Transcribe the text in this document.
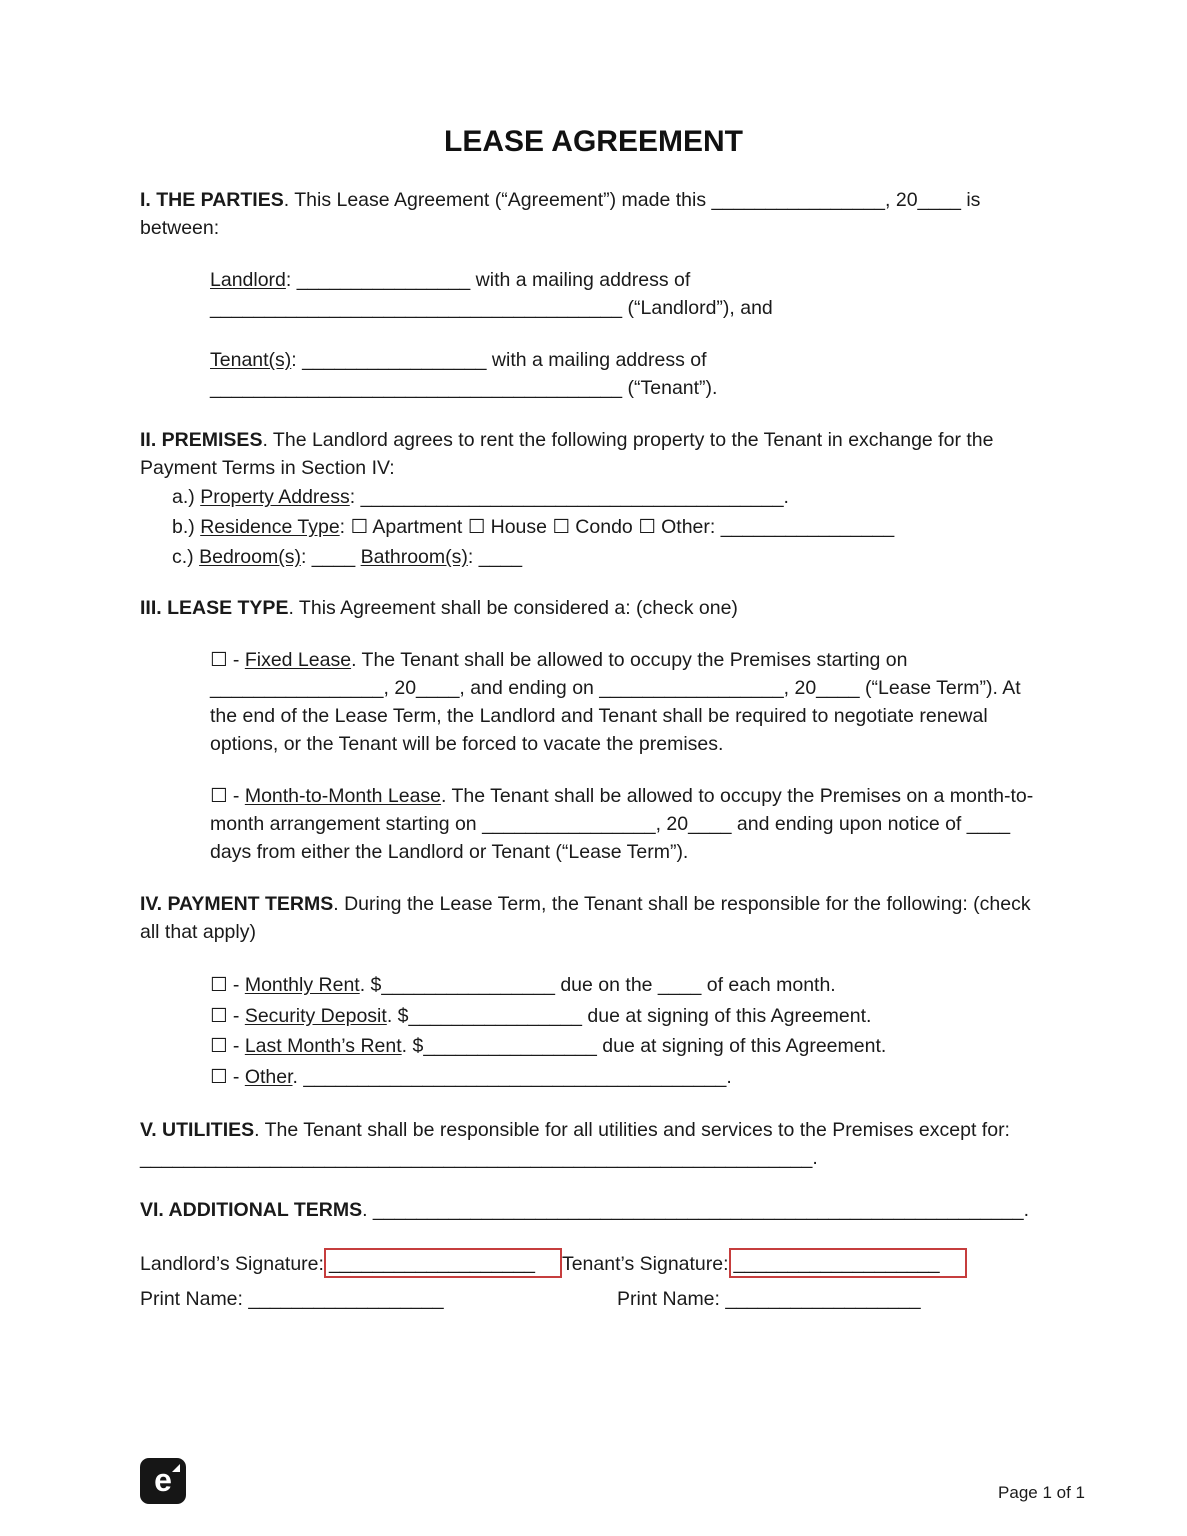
LEASE AGREEMENT

I. THE PARTIES. This Lease Agreement (“Agreement”) made this ________________, 20____ is between:

Landlord: ________________ with a mailing address of ______________________________________ (“Landlord”), and

Tenant(s): _________________ with a mailing address of ______________________________________ (“Tenant”).

II. PREMISES. The Landlord agrees to rent the following property to the Tenant in exchange for the Payment Terms in Section IV:

a.) Property Address: _______________________________________.
b.) Residence Type: ☐ Apartment ☐ House ☐ Condo ☐ Other: ________________
c.) Bedroom(s): ____ Bathroom(s): ____

III. LEASE TYPE. This Agreement shall be considered a: (check one)

☐ - Fixed Lease. The Tenant shall be allowed to occupy the Premises starting on ________________, 20____, and ending on _________________, 20____ (“Lease Term”). At the end of the Lease Term, the Landlord and Tenant shall be required to negotiate renewal options, or the Tenant will be forced to vacate the premises.

☐ - Month-to-Month Lease. The Tenant shall be allowed to occupy the Premises on a month-to-month arrangement starting on ________________, 20____ and ending upon notice of ____ days from either the Landlord or Tenant (“Lease Term”).

IV. PAYMENT TERMS. During the Lease Term, the Tenant shall be responsible for the following: (check all that apply)

☐ - Monthly Rent. $________________ due on the ____ of each month.
☐ - Security Deposit. $________________ due at signing of this Agreement.
☐ - Last Month’s Rent. $________________ due at signing of this Agreement.
☐ - Other. _______________________________________.

V. UTILITIES. The Tenant shall be responsible for all utilities and services to the Premises except for: ______________________________________________________________.

VI. ADDITIONAL TERMS. ____________________________________________________________.

Landlord’s Signature: ___________________	Tenant’s Signature: ___________________
Print Name: __________________	Print Name: __________________
e	Page 1 of 1
